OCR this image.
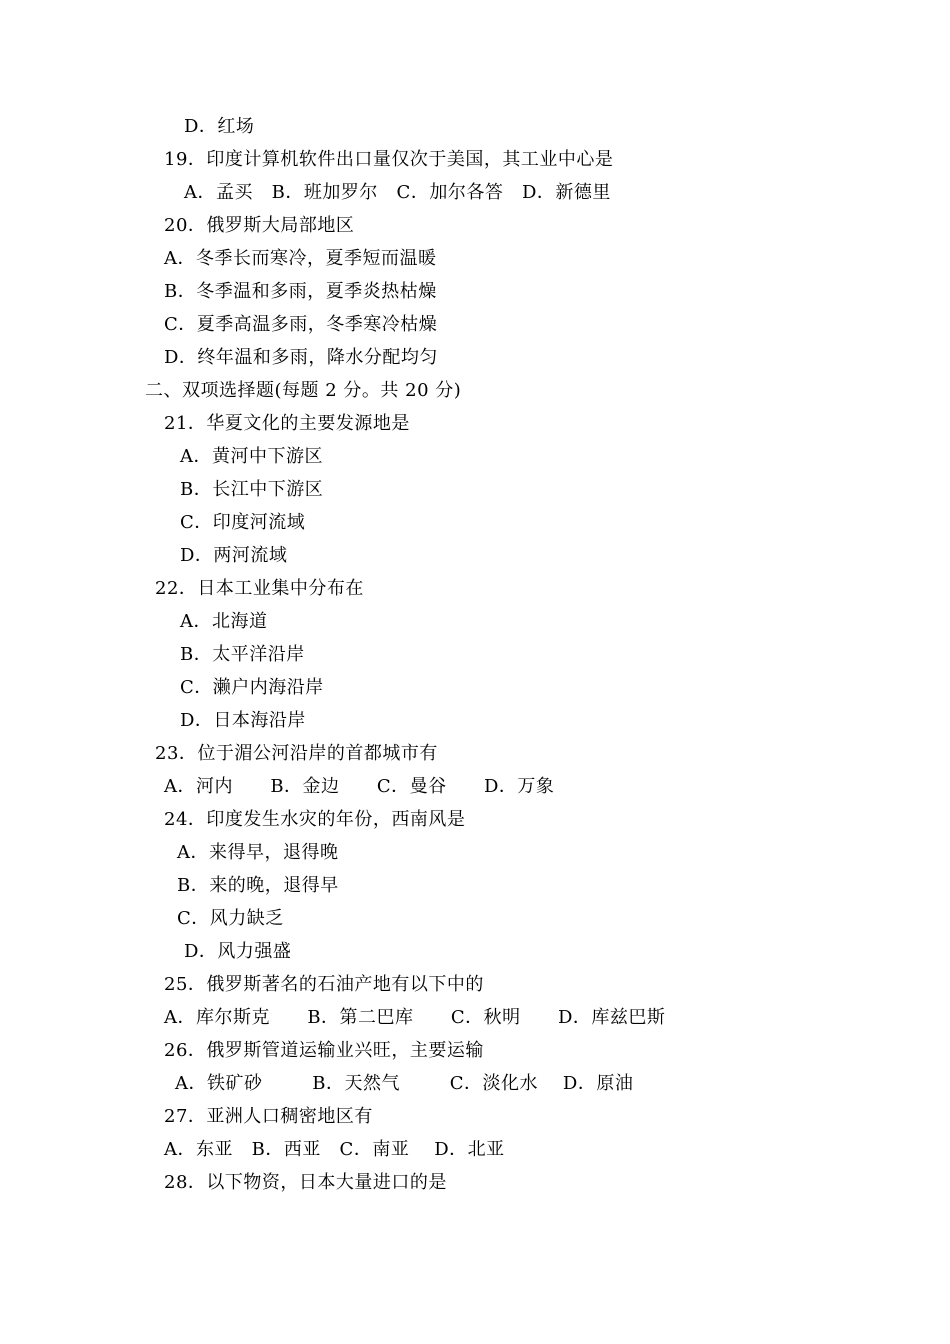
D．红场
19．印度计算机软件出口量仅次于美国，其工业中心是
A．孟买   B．班加罗尔   C．加尔各答   D．新德里
20．俄罗斯大局部地区
A．冬季长而寒冷，夏季短而温暖
B．冬季温和多雨，夏季炎热枯燥
C．夏季高温多雨，冬季寒冷枯燥
D．终年温和多雨，降水分配均匀
二、双项选择题(每题 2 分。共 20 分)
21．华夏文化的主要发源地是
A．黄河中下游区
B．长江中下游区
C．印度河流域
D．两河流域
22．日本工业集中分布在
A．北海道
B．太平洋沿岸
C．濑户内海沿岸
D．日本海沿岸
23．位于湄公河沿岸的首都城市有
A．河内      B．金边      C．曼谷      D．万象
24．印度发生水灾的年份，西南风是
A．来得早，退得晚
B．来的晚，退得早
C．风力缺乏
D．风力强盛
25．俄罗斯著名的石油产地有以下中的
A．库尔斯克      B．第二巴库      C．秋明      D．库兹巴斯
26．俄罗斯管道运输业兴旺，主要运输
A．铁矿砂        B．天然气        C．淡化水    D．原油
27．亚洲人口稠密地区有
A．东亚   B．西亚   C．南亚    D．北亚
28．以下物资，日本大量进口的是
